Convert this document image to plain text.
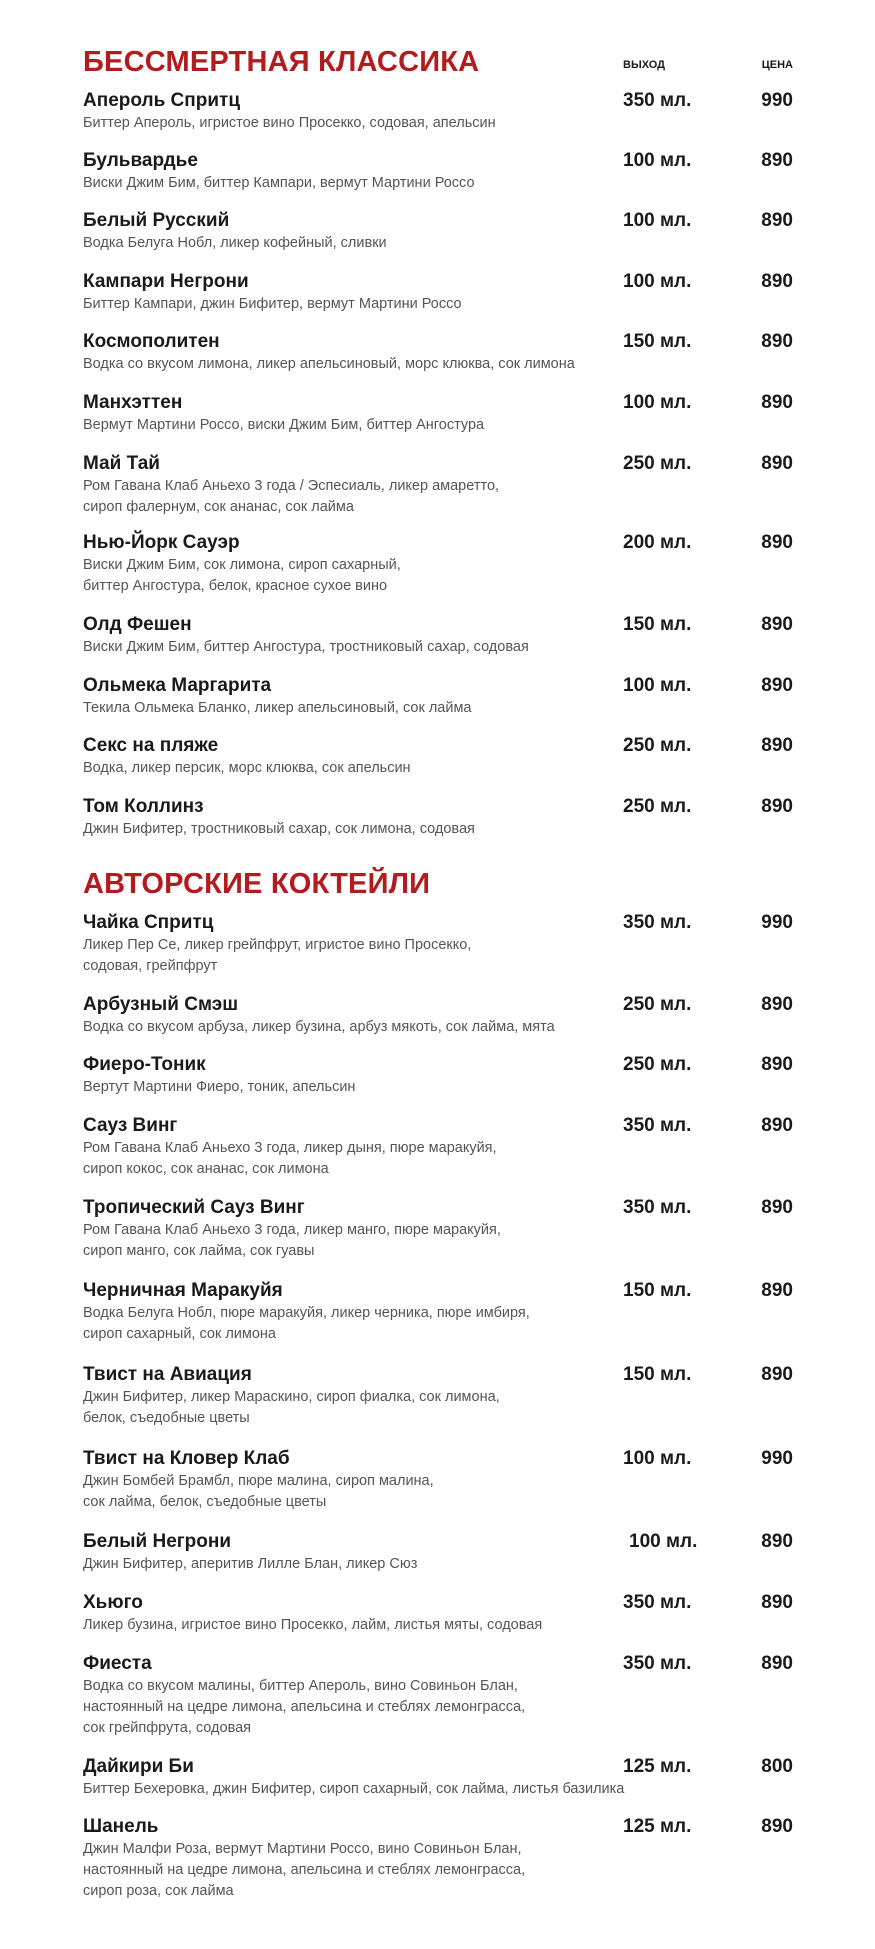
БЕССМЕРТНАЯ КЛАССИКА	ВЫХОД	ЦЕНА
Апероль Спритц
Биттер Апероль, игристое вино Просекко, содовая, апельсин
350 мл.	990
Бульвардье
Виски Джим Бим, биттер Кампари, вермут Мартини Россо
100 мл.	890
Белый Русский
Водка Белуга Нобл, ликер кофейный, сливки
100 мл.	890
Кампари Негрони
Биттер Кампари, джин Бифитер, вермут Мартини Россо
100 мл.	890
Космополитен
Водка со вкусом лимона, ликер апельсиновый, морс клюква, сок лимона
150 мл.	890
Манхэттен
Вермут Мартини Россо, виски Джим Бим, биттер Ангостура
100 мл.	890
Май Тай
Ром Гавана Клаб Аньехо 3 года / Эспесиаль, ликер амаретто,
сироп фалернум, сок ананас, сок лайма
250 мл.	890
Нью-Йорк Сауэр
Виски Джим Бим, сок лимона, сироп сахарный,
биттер Ангостура, белок, красное сухое вино
200 мл.	890
Олд Фешен
Виски Джим Бим, биттер Ангостура, тростниковый сахар, содовая
150 мл.	890
Ольмека Маргарита
Текила Ольмека Бланко, ликер апельсиновый, сок лайма
100 мл.	890
Секс на пляже
Водка, ликер персик, морс клюква, сок апельсин
250 мл.	890
Том Коллинз
Джин Бифитер, тростниковый сахар, сок лимона, содовая
250 мл.	890
АВТОРСКИЕ КОКТЕЙЛИ
Чайка Спритц
Ликер Пер Се, ликер грейпфрут, игристое вино Просекко,
содовая, грейпфрут
350 мл.	990
Арбузный Смэш
Водка со вкусом арбуза, ликер бузина, арбуз мякоть, сок лайма, мята
250 мл.	890
Фиеро-Тоник
Вертут Мартини Фиеро, тоник, апельсин
250 мл.	890
Сауз Винг
Ром Гавана Клаб Аньехо 3 года, ликер дыня, пюре маракуйя,
сироп кокос, сок ананас, сок лимона
350 мл.	890
Тропический Сауз Винг
Ром Гавана Клаб Аньехо 3 года, ликер манго, пюре маракуйя,
сироп манго, сок лайма, сок гуавы
350 мл.	890
Черничная Маракуйя
Водка Белуга Нобл, пюре маракуйя, ликер черника, пюре имбиря,
сироп сахарный, сок лимона
150 мл.	890
Твист на Авиация
Джин Бифитер, ликер Мараскино, сироп фиалка, сок лимона,
белок, съедобные цветы
150 мл.	890
Твист на Кловер Клаб
Джин Бомбей Брамбл, пюре малина, сироп малина,
сок лайма, белок, съедобные цветы
100 мл.	990
Белый Негрони
Джин Бифитер, аперитив Лилле Блан, ликер Сюз
100 мл.	890
Хьюго
Ликер бузина, игристое вино Просекко, лайм, листья мяты, содовая
350 мл.	890
Фиеста
Водка со вкусом малины, биттер Апероль, вино Совиньон Блан,
настоянный на цедре лимона, апельсина и стеблях лемонграсса,
сок грейпфрута, содовая
350 мл.	890
Дайкири Би
Биттер Бехеровка, джин Бифитер, сироп сахарный, сок лайма, листья базилика
125 мл.	800
Шанель
Джин Малфи Роза, вермут Мартини Россо, вино Совиньон Блан,
настоянный на цедре лимона, апельсина и стеблях лемонграсса,
сироп роза, сок лайма
125 мл.	890
